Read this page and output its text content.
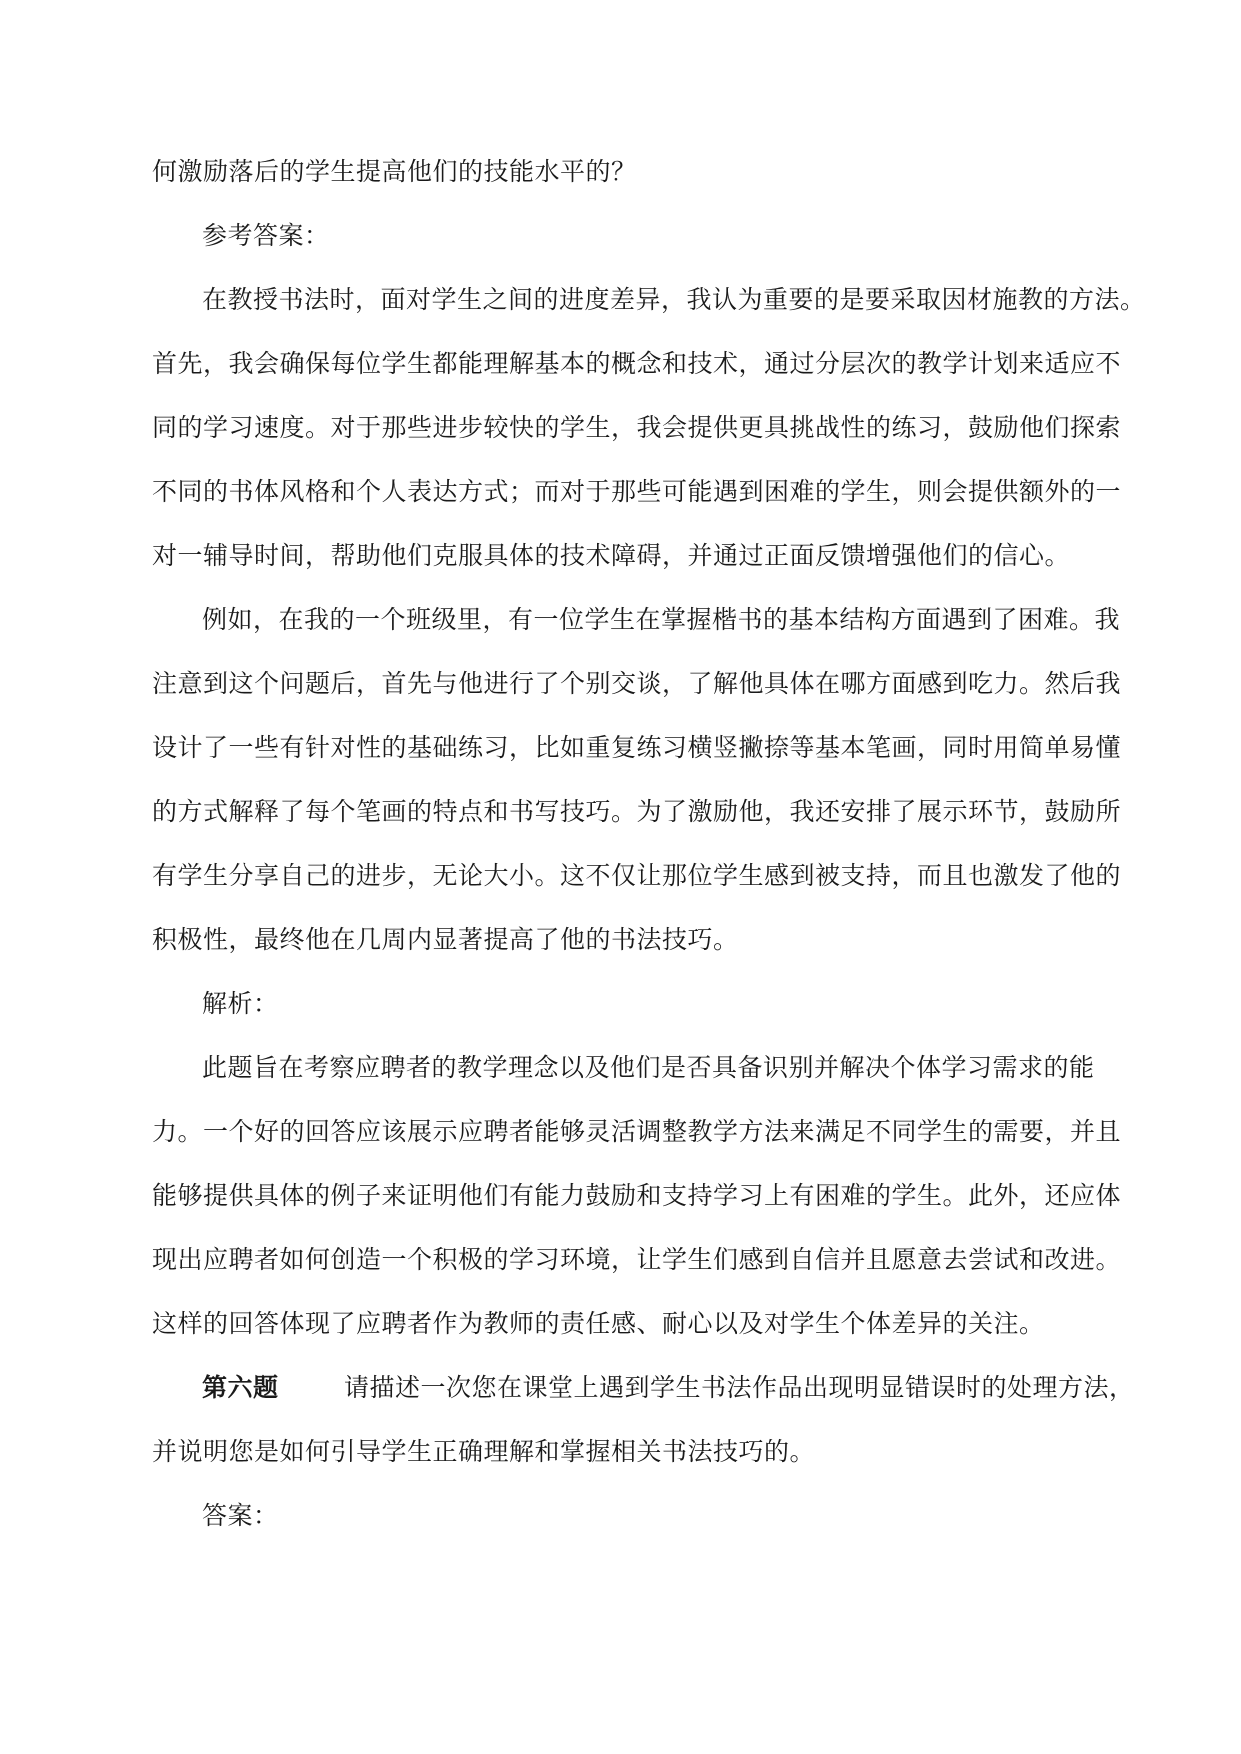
何激励落后的学生提高他们的技能水平的？
参考答案：
在教授书法时，面对学生之间的进度差异，我认为重要的是要采取因材施教的方法。
首先，我会确保每位学生都能理解基本的概念和技术，通过分层次的教学计划来适应不
同的学习速度。对于那些进步较快的学生，我会提供更具挑战性的练习，鼓励他们探索
不同的书体风格和个人表达方式；而对于那些可能遇到困难的学生，则会提供额外的一
对一辅导时间，帮助他们克服具体的技术障碍，并通过正面反馈增强他们的信心。
例如，在我的一个班级里，有一位学生在掌握楷书的基本结构方面遇到了困难。我
注意到这个问题后，首先与他进行了个别交谈，了解他具体在哪方面感到吃力。然后我
设计了一些有针对性的基础练习，比如重复练习横竖撇捺等基本笔画，同时用简单易懂
的方式解释了每个笔画的特点和书写技巧。为了激励他，我还安排了展示环节，鼓励所
有学生分享自己的进步，无论大小。这不仅让那位学生感到被支持，而且也激发了他的
积极性，最终他在几周内显著提高了他的书法技巧。
解析：
此题旨在考察应聘者的教学理念以及他们是否具备识别并解决个体学习需求的能
力。一个好的回答应该展示应聘者能够灵活调整教学方法来满足不同学生的需要，并且
能够提供具体的例子来证明他们有能力鼓励和支持学习上有困难的学生。此外，还应体
现出应聘者如何创造一个积极的学习环境，让学生们感到自信并且愿意去尝试和改进。
这样的回答体现了应聘者作为教师的责任感、耐心以及对学生个体差异的关注。
第六题	请描述一次您在课堂上遇到学生书法作品出现明显错误时的处理方法，
并说明您是如何引导学生正确理解和掌握相关书法技巧的。
答案：
